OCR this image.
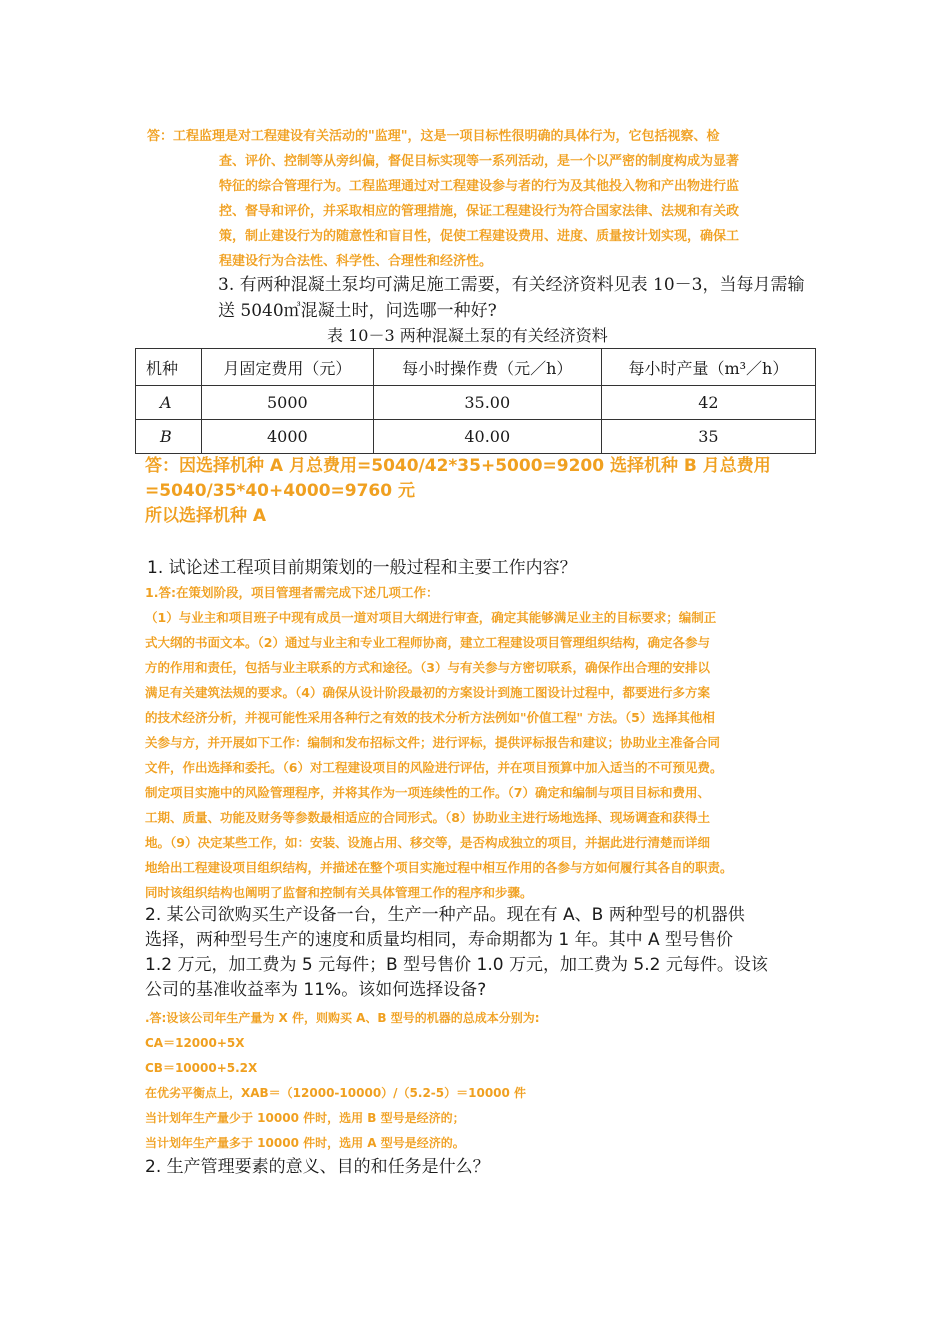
答：工程监理是对工程建设有关活动的"监理"，这是一项目标性很明确的具体行为，它包括视察、检

查、评价、控制等从旁纠偏，督促目标实现等一系列活动，是一个以严密的制度构成为显著

特征的综合管理行为。工程监理通过对工程建设参与者的行为及其他投入物和产出物进行监

控、督导和评价，并采取相应的管理措施，保证工程建设行为符合国家法律、法规和有关政

策，制止建设行为的随意性和盲目性，促使工程建设费用、进度、质量按计划实现，确保工

程建设行为合法性、科学性、合理性和经济性。

3. 有两种混凝土泵均可满足施工需要，有关经济资料见表 10－3，当每月需输送 5040㎥混凝土时，问选哪一种好?
表 10－3 两种混凝土泵的有关经济资料
机种	月固定费用（元）	每小时操作费（元／h）	每小时产量（m³／h）
A	5000	35.00	42
B	4000	40.00	35
答：因选择机种 A 月总费用=5040/42*35+5000=9200 选择机种 B 月总费用
=5040/35*40+4000=9760 元
所以选择机种 A
1. 试论述工程项目前期策划的一般过程和主要工作内容？
1.答:在策划阶段，项目管理者需完成下述几项工作：
（1）与业主和项目班子中现有成员一道对项目大纲进行审查，确定其能够满足业主的目标要求；编制正
式大纲的书面文本。（2）通过与业主和专业工程师协商，建立工程建设项目管理组织结构，确定各参与
方的作用和责任，包括与业主联系的方式和途径。（3）与有关参与方密切联系，确保作出合理的安排以
满足有关建筑法规的要求。（4）确保从设计阶段最初的方案设计到施工图设计过程中，都要进行多方案
的技术经济分析，并视可能性采用各种行之有效的技术分析方法例如"价值工程" 方法。（5）选择其他相
关参与方，并开展如下工作：编制和发布招标文件；进行评标，提供评标报告和建议；协助业主准备合同
文件，作出选择和委托。（6）对工程建设项目的风险进行评估，并在项目预算中加入适当的不可预见费。
制定项目实施中的风险管理程序，并将其作为一项连续性的工作。（7）确定和编制与项目目标和费用、
工期、质量、功能及财务等参数最相适应的合同形式。（8）协助业主进行场地选择、现场调查和获得土
地。（9）决定某些工作，如：安装、设施占用、移交等，是否构成独立的项目，并据此进行清楚而详细
地给出工程建设项目组织结构，并描述在整个项目实施过程中相互作用的各参与方如何履行其各自的职责。
同时该组织结构也阐明了监督和控制有关具体管理工作的程序和步骤。
2. 某公司欲购买生产设备一台，生产一种产品。现在有 A、B 两种型号的机器供
选择，两种型号生产的速度和质量均相同，寿命期都为 1 年。其中 A 型号售价
1.2 万元，加工费为 5 元每件；B 型号售价 1.0 万元，加工费为 5.2 元每件。设该
公司的基准收益率为 11%。该如何选择设备?
.答:设该公司年生产量为 X 件，则购买 A、B 型号的机器的总成本分别为:
CA＝12000+5X
CB＝10000+5.2X
在优劣平衡点上，XAB＝（12000-10000）/（5.2-5）＝10000 件
当计划年生产量少于 10000 件时，选用 B 型号是经济的；
当计划年生产量多于 10000 件时，选用 A 型号是经济的。
2. 生产管理要素的意义、目的和任务是什么？
